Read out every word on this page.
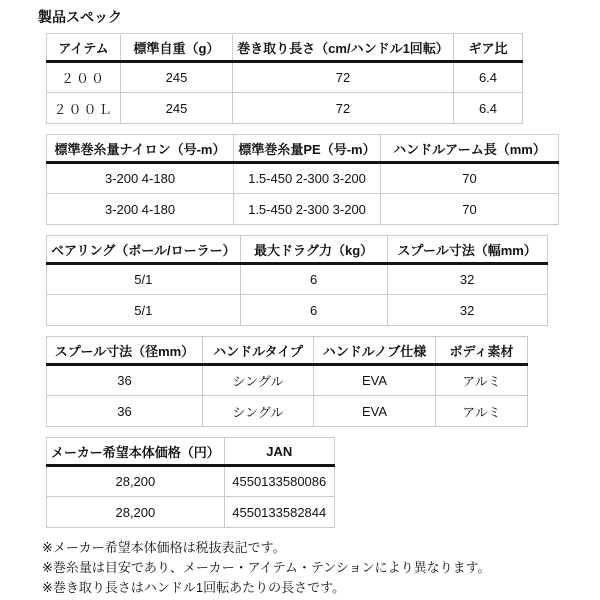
製品スペック
アイテム	標準自重（g）	巻き取り長さ（cm/ハンドル1回転）	ギア比
２００	245	72	6.4
２００Ｌ	245	72	6.4
標準巻糸量ナイロン（号-m）	標準巻糸量PE（号-m）	ハンドルアーム長（mm）
3-200 4-180	1.5-450 2-300 3-200	70
3-200 4-180	1.5-450 2-300 3-200	70
ベアリング（ボール/ローラー）	最大ドラグ力（kg）	スプール寸法（幅mm）
5/1	6	32
5/1	6	32
スプール寸法（径mm）	ハンドルタイプ	ハンドルノブ仕様	ボディ素材
36	シングル	EVA	アルミ
36	シングル	EVA	アルミ
メーカー希望本体価格（円）	JAN
28,200	4550133580086
28,200	4550133582844
※メーカー希望本体価格は税抜表記です。
※巻糸量は目安であり、メーカー・アイテム・テンションにより異なります。
※巻き取り長さはハンドル1回転あたりの長さです。
